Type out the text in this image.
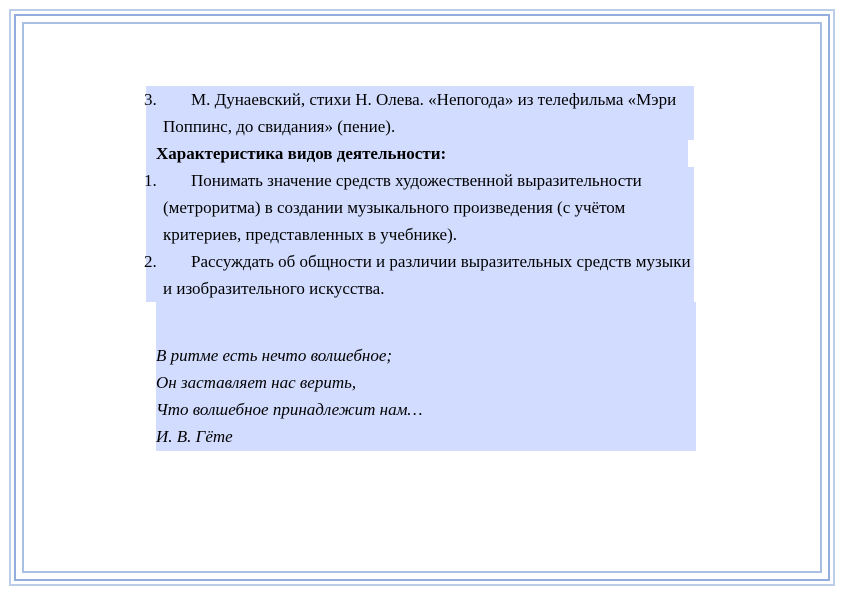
3. М. Дунаевский, стихи Н. Олева. «Непогода» из телефильма «Мэри Поппинс, до свидания» (пение).
Характеристика видов деятельности:
1. Понимать значение средств художественной выразительности (метроритма) в создании музыкального произведения (с учётом критериев, представленных в учебнике).
2. Рассуждать об общности и различии выразительных средств музыки и изобразительного искусства.
В ритме есть нечто волшебное;
Он заставляет нас верить,
Что волшебное принадлежит нам…
И. В. Гёте
